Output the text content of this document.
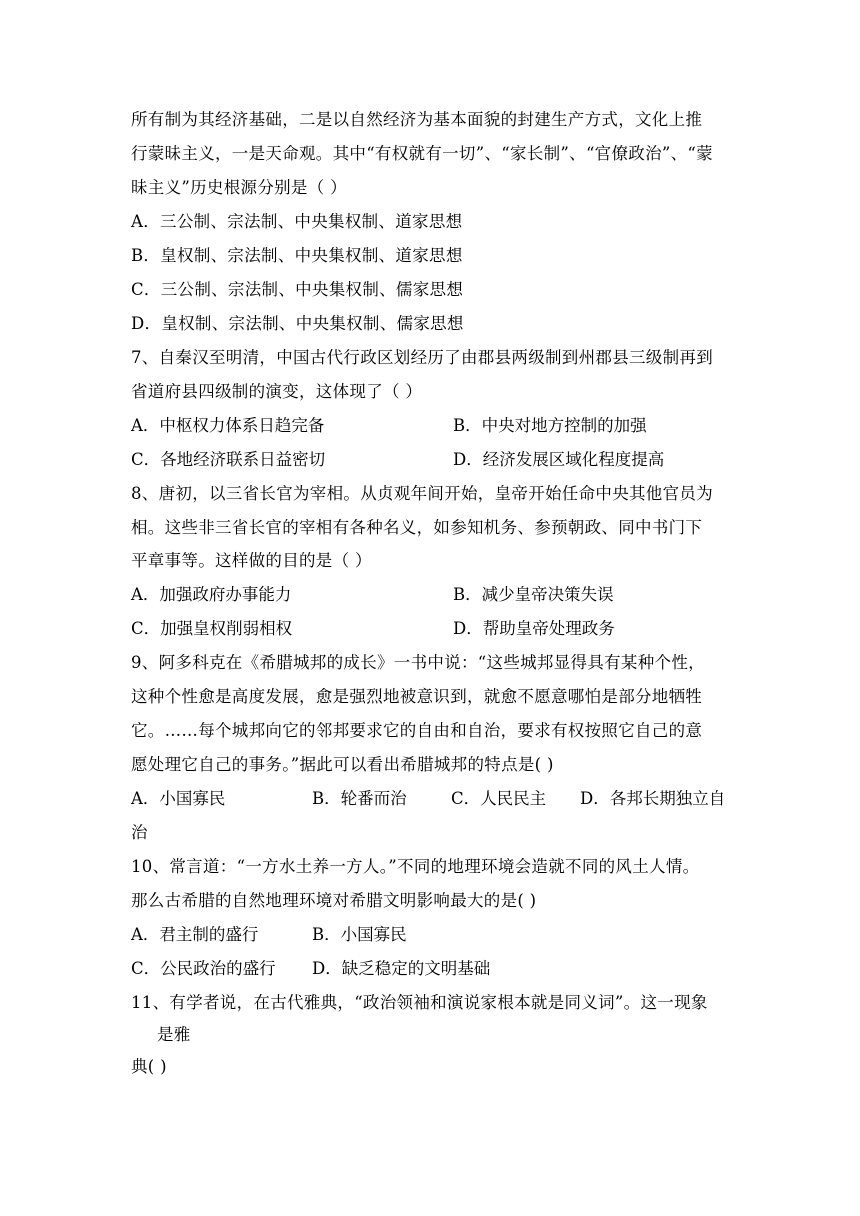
所有制为其经济基础，二是以自然经济为基本面貌的封建生产方式，文化上推
行蒙昧主义，一是天命观。其中“有权就有一切”、“家长制”、“官僚政治”、“蒙
昧主义”历史根源分别是（ ）
A．三公制、宗法制、中央集权制、道家思想
B．皇权制、宗法制、中央集权制、道家思想
C．三公制、宗法制、中央集权制、儒家思想
D．皇权制、宗法制、中央集权制、儒家思想
7、自秦汉至明清，中国古代行政区划经历了由郡县两级制到州郡县三级制再到
省道府县四级制的演变，这体现了（ ）
A．中枢权力体系日趋完备	B．中央对地方控制的加强
C．各地经济联系日益密切	D．经济发展区域化程度提高
8、唐初，以三省长官为宰相。从贞观年间开始，皇帝开始任命中央其他官员为
相。这些非三省长官的宰相有各种名义，如参知机务、参预朝政、同中书门下
平章事等。这样做的目的是（ ）
A．加强政府办事能力	B．减少皇帝决策失误
C．加强皇权削弱相权	D．帮助皇帝处理政务
9、阿多科克在《希腊城邦的成长》一书中说：“这些城邦显得具有某种个性，
这种个性愈是高度发展，愈是强烈地被意识到，就愈不愿意哪怕是部分地牺牲
它。……每个城邦向它的邻邦要求它的自由和自治，要求有权按照它自己的意
愿处理它自己的事务。”据此可以看出希腊城邦的特点是( )
A．小国寡民	B．轮番而治	C．人民民主 D．各邦长期独立自
治
10、常言道：“一方水土养一方人。”不同的地理环境会造就不同的风土人情。
那么古希腊的自然地理环境对希腊文明影响最大的是( )
A．君主制的盛行	B．小国寡民
C．公民政治的盛行 D．缺乏稳定的文明基础
11、有学者说，在古代雅典，“政治领袖和演说家根本就是同义词”。这一现象
是雅
典( )
